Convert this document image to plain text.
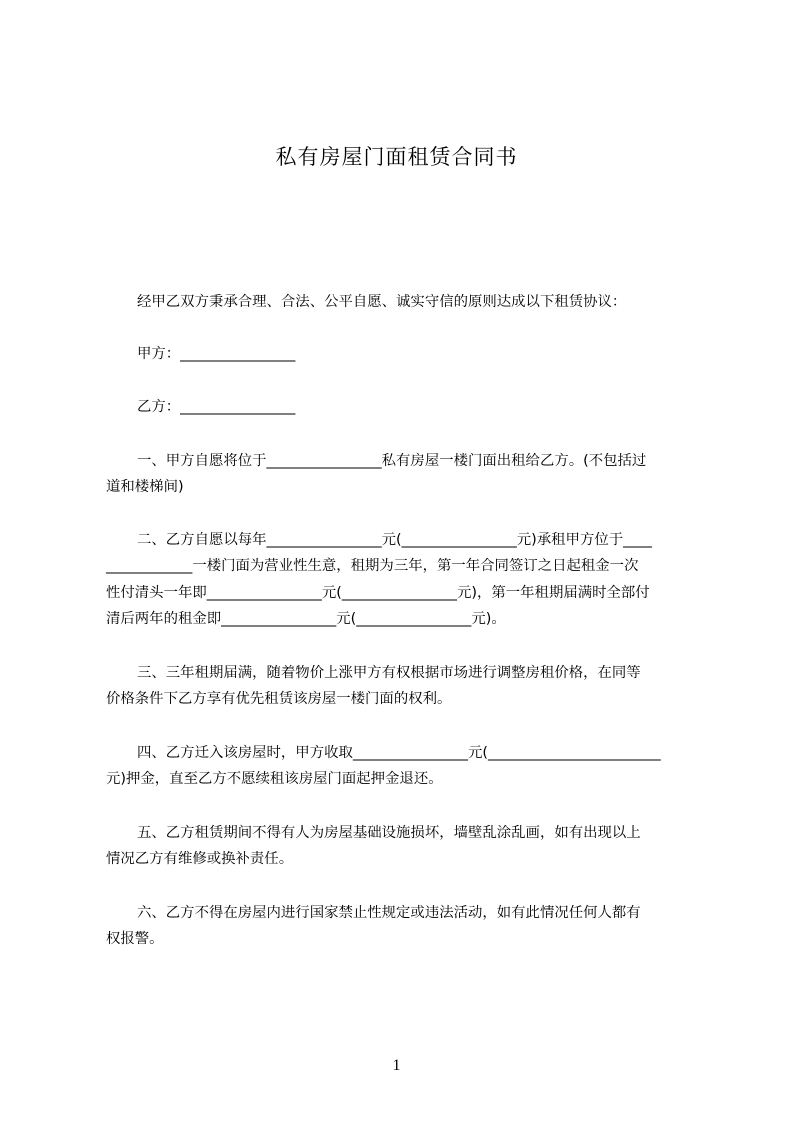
私有房屋门面租赁合同书
经甲乙双方秉承合理、合法、公平自愿、诚实守信的原则达成以下租赁协议：
甲方：________________
乙方：________________
一、甲方自愿将位于________________私有房屋一楼门面出租给乙方。(不包括过
道和楼梯间)
二、乙方自愿以每年________________元(________________元)承租甲方位于____
____________一楼门面为营业性生意，租期为三年，第一年合同签订之日起租金一次
性付清头一年即________________元(________________元)，第一年租期届满时全部付
清后两年的租金即________________元(________________元)。
三、三年租期届满，随着物价上涨甲方有权根据市场进行调整房租价格，在同等
价格条件下乙方享有优先租赁该房屋一楼门面的权利。
四、乙方迁入该房屋时，甲方收取________________元(________________________
元)押金，直至乙方不愿续租该房屋门面起押金退还。
五、乙方租赁期间不得有人为房屋基础设施损坏，墙壁乱涂乱画，如有出现以上
情况乙方有维修或换补责任。
六、乙方不得在房屋内进行国家禁止性规定或违法活动，如有此情况任何人都有
权报警。
1
